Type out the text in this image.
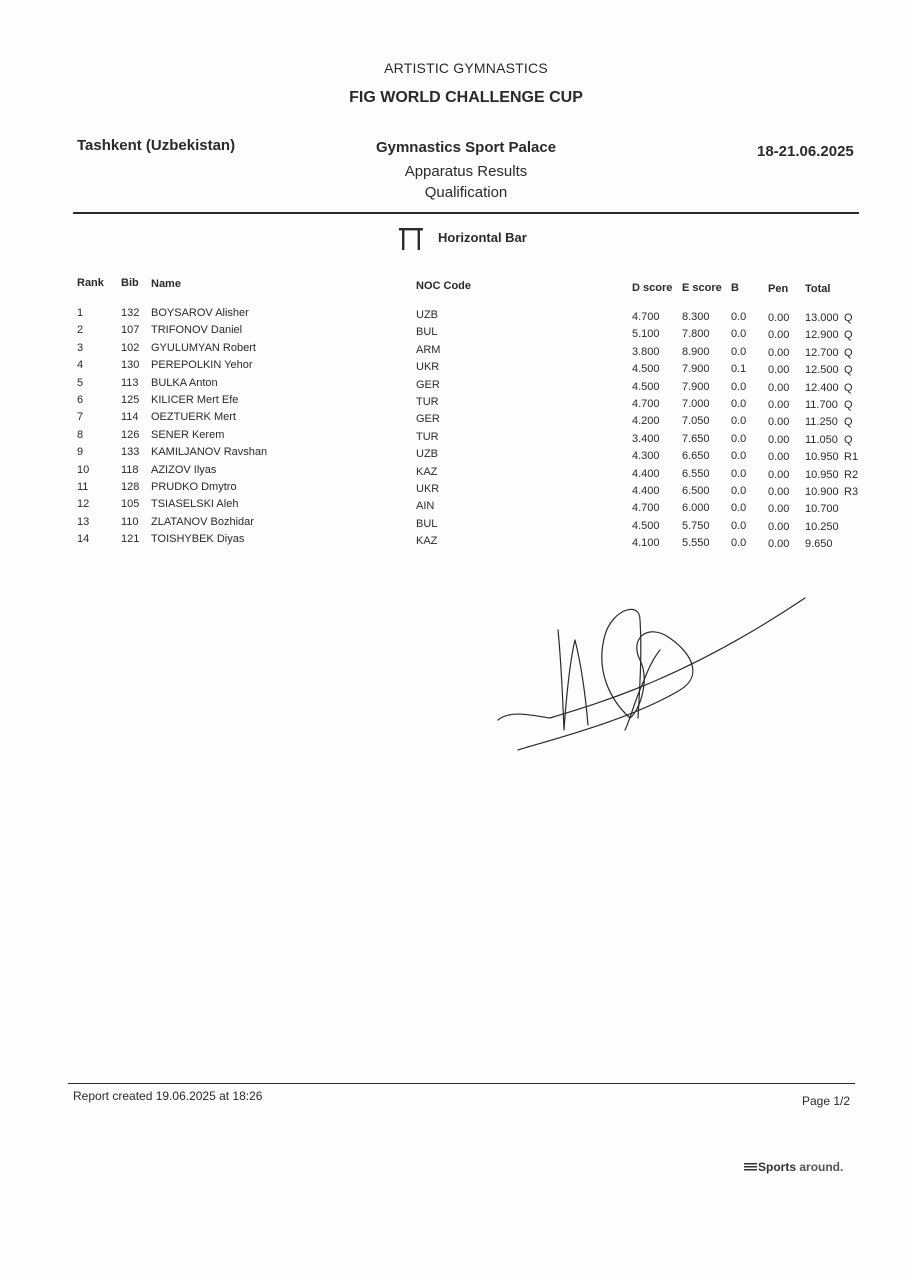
ARTISTIC GYMNASTICS
FIG WORLD CHALLENGE CUP
Tashkent (Uzbekistan)	Gymnastics Sport Palace	18-21.06.2025
Apparatus Results
Qualification
Horizontal Bar
Rank Bib Name	NOC Code	D score E score B	Pen Total
1	132 BOYSAROV Alisher	UZB	4.700 8.300 0.0 0.00 13.000 Q
2	107 TRIFONOV Daniel	BUL	5.100 7.800 0.0 0.00 12.900 Q
3	102 GYULUMYAN Robert	ARM	3.800 8.900 0.0 0.00 12.700 Q
4	130 PEREPOLKIN Yehor	UKR	4.500 7.900 0.1 0.00 12.500 Q
5	113 BULKA Anton	GER	4.500 7.900 0.0 0.00 12.400 Q
6	125 KILICER Mert Efe	TUR	4.700 7.000 0.0 0.00 11.700 Q
7	114 OEZTUERK Mert	GER	4.200 7.050 0.0 0.00 11.250 Q
8	126 SENER Kerem	TUR	3.400 7.650 0.0 0.00 11.050 Q
9	133 KAMILJANOV Ravshan	UZB	4.300 6.650 0.0 0.00 10.950 R1
10	118 AZIZOV Ilyas	KAZ	4.400 6.550 0.0 0.00 10.950 R2
11	128 PRUDKO Dmytro	UKR	4.400 6.500 0.0 0.00 10.900 R3
12	105 TSIASELSKI Aleh	AIN	4.700 6.000 0.0 0.00 10.700
13	110 ZLATANOV Bozhidar	BUL	4.500 5.750 0.0 0.00 10.250
14	121 TOISHYBEK Diyas	KAZ	4.100 5.550 0.0 0.00 9.650
Report created 19.06.2025 at 18:26	Page 1/2
Sports around.
